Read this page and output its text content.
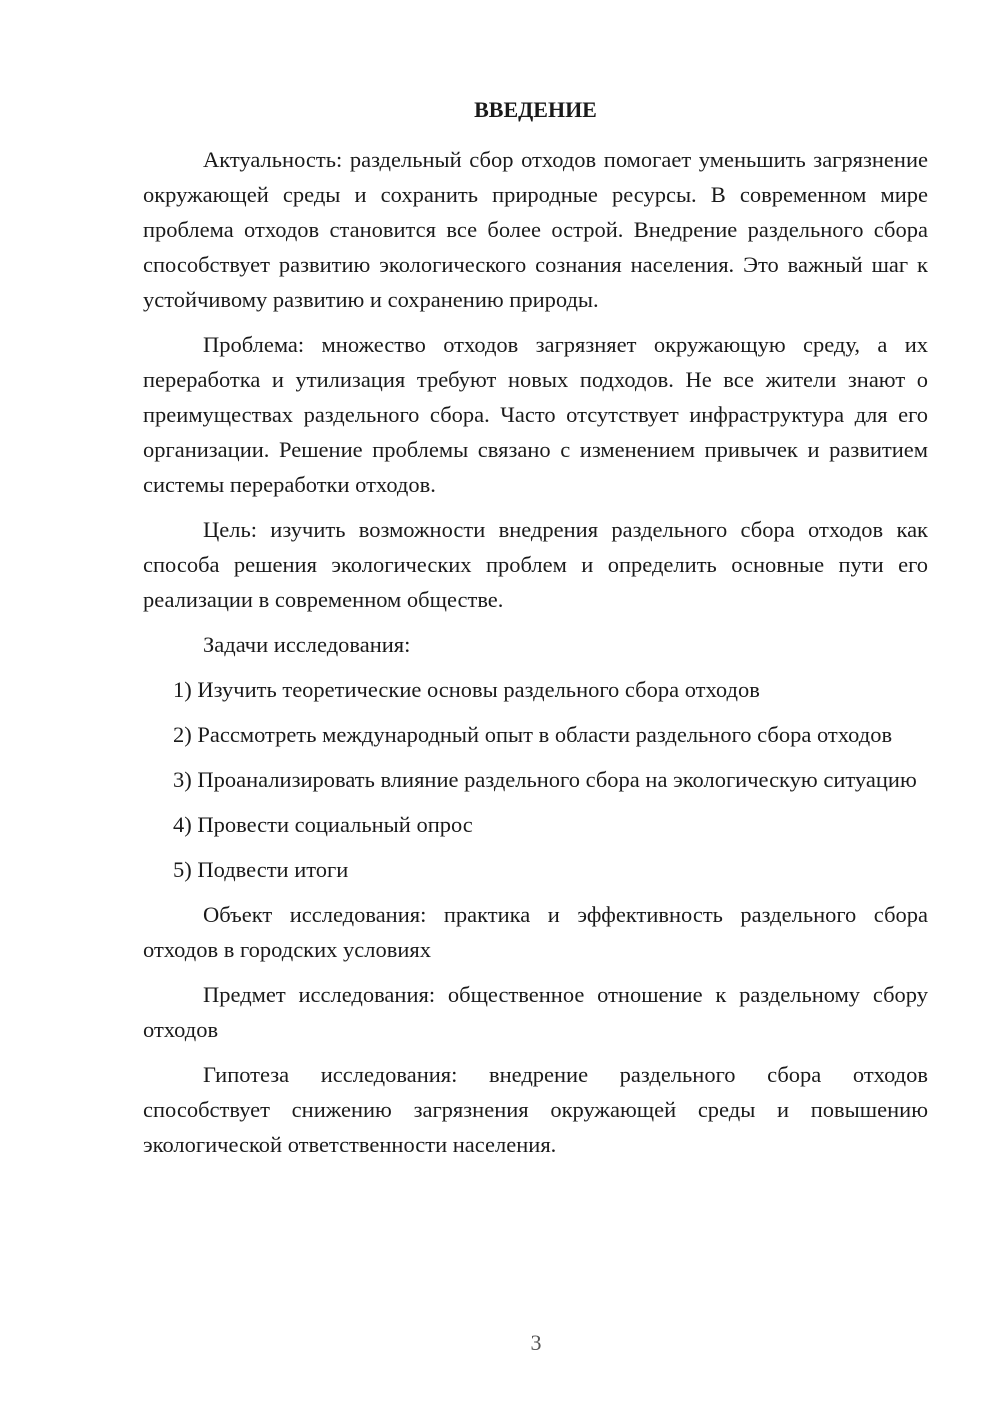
ВВЕДЕНИЕ

Актуальность: раздельный сбор отходов помогает уменьшить загрязнение окружающей среды и сохранить природные ресурсы. В современном мире проблема отходов становится все более острой. Внедрение раздельного сбора способствует развитию экологического сознания населения. Это важный шаг к устойчивому развитию и сохранению природы.

Проблема: множество отходов загрязняет окружающую среду, а их переработка и утилизация требуют новых подходов. Не все жители знают о преимуществах раздельного сбора. Часто отсутствует инфраструктура для его организации. Решение проблемы связано с изменением привычек и развитием системы переработки отходов.

Цель: изучить возможности внедрения раздельного сбора отходов как способа решения экологических проблем и определить основные пути его реализации в современном обществе.

Задачи исследования:

1) Изучить теоретические основы раздельного сбора отходов

2) Рассмотреть международный опыт в области раздельного сбора отходов

3) Проанализировать влияние раздельного сбора на экологическую ситуацию

4) Провести социальный опрос

5) Подвести итоги

Объект исследования: практика и эффективность раздельного сбора отходов в городских условиях

Предмет исследования: общественное отношение к раздельному сбору отходов

Гипотеза исследования: внедрение раздельного сбора отходов способствует снижению загрязнения окружающей среды и повышению экологической ответственности населения.

3
